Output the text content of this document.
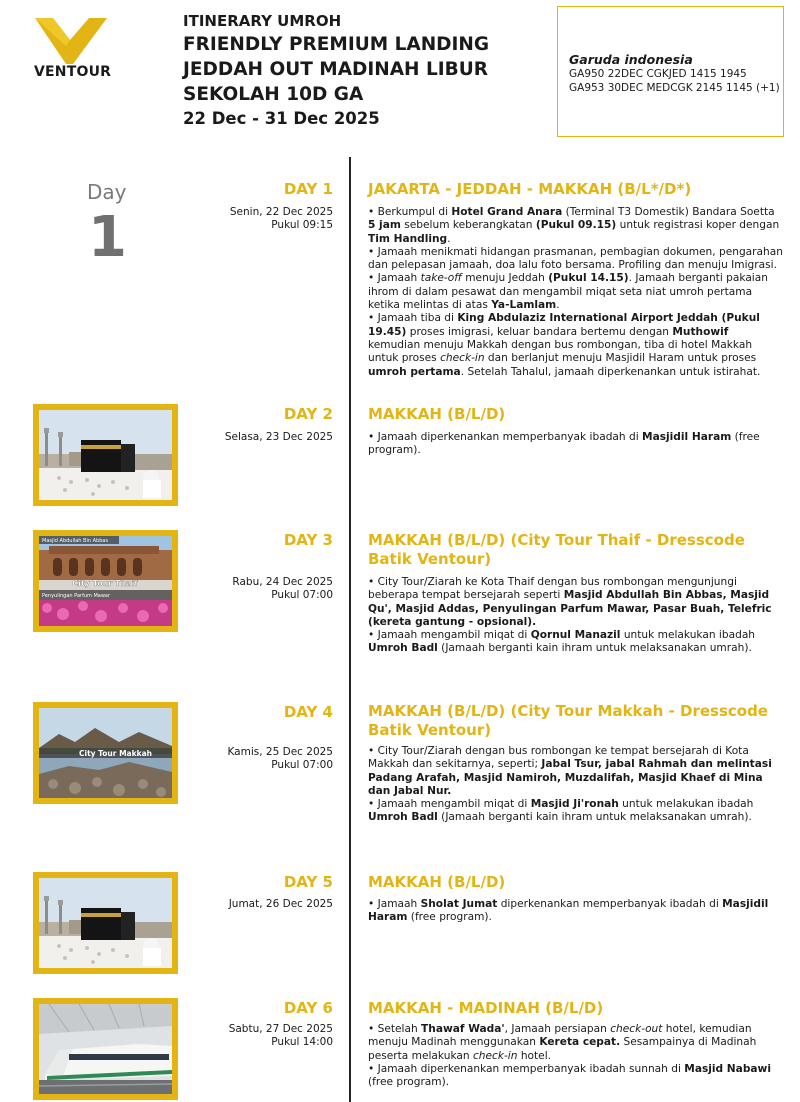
VENTOUR
ITINERARY UMROH
FRIENDLY PREMIUM LANDING
JEDDAH OUT MADINAH LIBUR
SEKOLAH 10D GA
22 Dec - 31 Dec 2025
Garuda indonesia
GA950 22DEC CGKJED 1415 1945
GA953 30DEC MEDCGK 2145 1145 (+1)
Day
1
DAY 1
Senin, 22 Dec 2025
Pukul 09:15
JAKARTA - JEDDAH - MAKKAH (B/L*/D*)

• Berkumpul di Hotel Grand Anara (Terminal T3 Domestik) Bandara Soetta 5 jam sebelum keberangkatan (Pukul 09.15) untuk registrasi koper dengan Tim Handling.

• Jamaah menikmati hidangan prasmanan, pembagian dokumen, pengarahan dan pelepasan jamaah, doa lalu foto bersama. Profiling dan menuju Imigrasi.

• Jamaah take-off menuju Jeddah (Pukul 14.15). Jamaah berganti pakaian ihrom di dalam pesawat dan mengambil miqat seta niat umroh pertama ketika melintas di atas Ya-Lamlam.

• Jamaah tiba di King Abdulaziz International Airport Jeddah (Pukul 19.45) proses imigrasi, keluar bandara bertemu dengan Muthowif kemudian menuju Makkah dengan bus rombongan, tiba di hotel Makkah untuk proses check-in dan berlanjut menuju Masjidil Haram untuk proses umroh pertama. Setelah Tahalul, jamaah diperkenankan untuk istirahat.

DAY 2
Selasa, 23 Dec 2025
MAKKAH (B/L/D)

• Jamaah diperkenankan memperbanyak ibadah di Masjidil Haram (free program).

Masjid Abdullah Bin Abbas
Penyulingan Parfum Mawar
City Tour Thaif
DAY 3
Rabu, 24 Dec 2025
Pukul 07:00
MAKKAH (B/L/D) (City Tour Thaif - Dresscode Batik Ventour)

• City Tour/Ziarah ke Kota Thaif dengan bus rombongan mengunjungi beberapa tempat bersejarah seperti Masjid Abdullah Bin Abbas, Masjid Qu', Masjid Addas, Penyulingan Parfum Mawar, Pasar Buah, Telefric (kereta gantung - opsional).

• Jamaah mengambil miqat di Qornul Manazil untuk melakukan ibadah Umroh Badl (Jamaah berganti kain ihram untuk melaksanakan umrah).

City Tour Makkah
DAY 4
Kamis, 25 Dec 2025
Pukul 07:00
MAKKAH (B/L/D) (City Tour Makkah - Dresscode Batik Ventour)

• City Tour/Ziarah dengan bus rombongan ke tempat bersejarah di Kota Makkah dan sekitarnya, seperti; Jabal Tsur, jabal Rahmah dan melintasi Padang Arafah, Masjid Namiroh, Muzdalifah, Masjid Khaef di Mina dan Jabal Nur.

• Jamaah mengambil miqat di Masjid Ji'ronah untuk melakukan ibadah Umroh Badl (Jamaah berganti kain ihram untuk melaksanakan umrah).

DAY 5
Jumat, 26 Dec 2025
MAKKAH (B/L/D)

• Jamaah Sholat Jumat diperkenankan memperbanyak ibadah di Masjidil Haram (free program).

DAY 6
Sabtu, 27 Dec 2025
Pukul 14:00
MAKKAH - MADINAH (B/L/D)

• Setelah Thawaf Wada', Jamaah persiapan check-out hotel, kemudian menuju Madinah menggunakan Kereta cepat. Sesampainya di Madinah peserta melakukan check-in hotel.

• Jamaah diperkenankan memperbanyak ibadah sunnah di Masjid Nabawi (free program).
